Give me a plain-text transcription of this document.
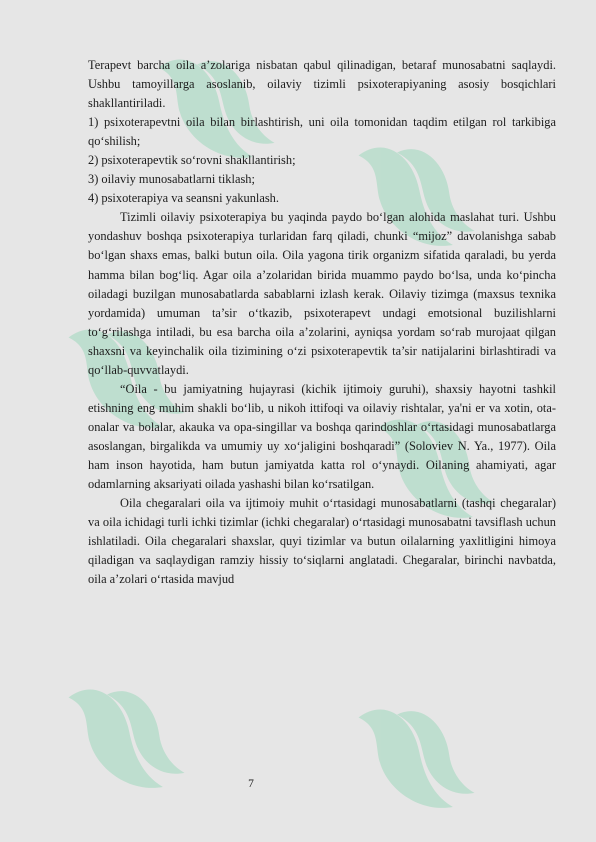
Terapevt barcha oila a’zolariga nisbatan qabul qilinadigan, betaraf munosabatni saqlaydi. Ushbu tamoyillarga asoslanib, oilaviy tizimli psixoterapiyaning asosiy bosqichlari shakllantiriladi.

1) psixoterapevtni oila bilan birlashtirish, uni oila tomonidan taqdim etilgan rol tarkibiga qo‘shilish;

2) psixoterapevtik so‘rovni shakllantirish;

3) oilaviy munosabatlarni tiklash;

4) psixoterapiya va seansni yakunlash.

Tizimli oilaviy psixoterapiya bu yaqinda paydo bo‘lgan alohida maslahat turi. Ushbu yondashuv boshqa psixoterapiya turlaridan farq qiladi, chunki “mijoz” davolanishga sabab bo‘lgan shaxs emas, balki butun oila. Oila yagona tirik organizm sifatida qaraladi, bu yerda hamma bilan bog‘liq. Agar oila a’zolaridan birida muammo paydo bo‘lsa, unda ko‘pincha oiladagi buzilgan munosabatlarda sabablarni izlash kerak. Oilaviy tizimga (maxsus texnika yordamida) umuman ta’sir o‘tkazib, psixoterapevt undagi emotsional buzilishlarni to‘g‘rilashga intiladi, bu esa barcha oila a’zolarini, ayniqsa yordam so‘rab murojaat qilgan shaxsni va keyinchalik oila tizimining o‘zi psixoterapevtik ta’sir natijalarini birlashtiradi va qo‘llab-quvvatlaydi.

“Oila - bu jamiyatning hujayrasi (kichik ijtimoiy guruhi), shaxsiy hayotni tashkil etishning eng muhim shakli bo‘lib, u nikoh ittifoqi va oilaviy rishtalar, ya'ni er va xotin, ota-onalar va bolalar, akauka va opa-singillar va boshqa qarindoshlar o‘rtasidagi munosabatlarga asoslangan, birgalikda va umumiy uy xo‘jaligini boshqaradi” (Soloviev N. Ya., 1977). Oila ham inson hayotida, ham butun jamiyatda katta rol o‘ynaydi. Oilaning ahamiyati, agar odamlarning aksariyati oilada yashashi bilan ko‘rsatilgan.

Oila chegaralari oila va ijtimoiy muhit o‘rtasidagi munosabatlarni (tashqi chegaralar) va oila ichidagi turli ichki tizimlar (ichki chegaralar) o‘rtasidagi munosabatni tavsiflash uchun ishlatiladi. Oila chegaralari shaxslar, quyi tizimlar va butun oilalarning yaxlitligini himoya qiladigan va saqlaydigan ramziy hissiy to‘siqlarni anglatadi. Chegaralar, birinchi navbatda, oila a’zolari o‘rtasida mavjud

7
